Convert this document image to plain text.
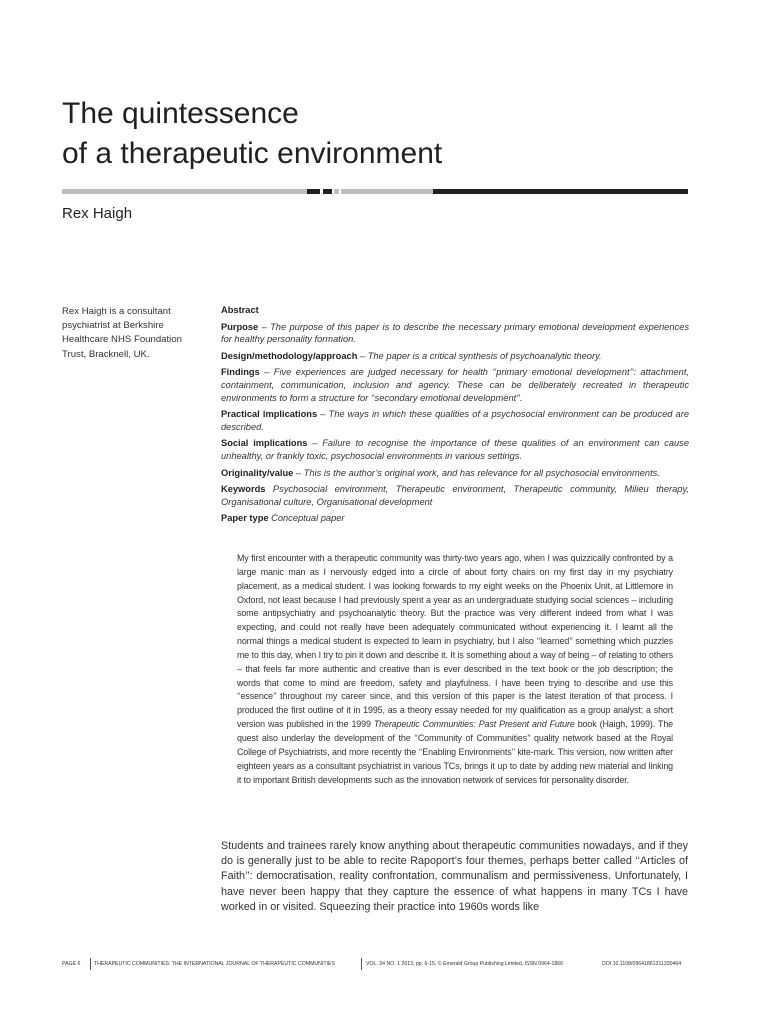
The quintessence
of a therapeutic environment
Rex Haigh
Rex Haigh is a consultant psychiatrist at Berkshire Healthcare NHS Foundation Trust, Bracknell, UK.
Abstract
Purpose – The purpose of this paper is to describe the necessary primary emotional development experiences for healthy personality formation.
Design/methodology/approach – The paper is a critical synthesis of psychoanalytic theory.
Findings – Five experiences are judged necessary for health ‘‘primary emotional development’’: attachment, containment, communication, inclusion and agency. These can be deliberately recreated in therapeutic environments to form a structure for ‘‘secondary emotional development’’.
Practical implications – The ways in which these qualities of a psychosocial environment can be produced are described.
Social implications – Failure to recognise the importance of these qualities of an environment can cause unhealthy, or frankly toxic, psychosocial environments in various settings.
Originality/value – This is the author’s original work, and has relevance for all psychosocial environments.
Keywords Psychosocial environment, Therapeutic environment, Therapeutic community, Milieu therapy, Organisational culture, Organisational development
Paper type Conceptual paper

My first encounter with a therapeutic community was thirty-two years ago, when I was quizzically confronted by a large manic man as I nervously edged into a circle of about forty chairs on my first day in my psychiatry placement, as a medical student. I was looking forwards to my eight weeks on the Phoenix Unit, at Littlemore in Oxford, not least because I had previously spent a year as an undergraduate studying social sciences – including some antipsychiatry and psychoanalytic theory. But the practice was very different indeed from what I was expecting, and could not really have been adequately communicated without experiencing it. I learnt all the normal things a medical student is expected to learn in psychiatry, but I also ‘‘learned’’ something which puzzles me to this day, when I try to pin it down and describe it. It is something about a way of being – of relating to others – that feels far more authentic and creative than is ever described in the text book or the job description; the words that come to mind are freedom, safety and playfulness. I have been trying to describe and use this ‘‘essence’’ throughout my career since, and this version of this paper is the latest iteration of that process. I produced the first outline of it in 1995, as a theory essay needed for my qualification as a group analyst; a short version was published in the 1999 Therapeutic Communities: Past Present and Future book (Haigh, 1999). The quest also underlay the development of the ‘‘Community of Communities’’ quality network based at the Royal College of Psychiatrists, and more recently the ‘‘Enabling Environments’’ kite-mark. This version, now written after eighteen years as a consultant psychiatrist in various TCs, brings it up to date by adding new material and linking it to important British developments such as the innovation network of services for personality disorder.

Students and trainees rarely know anything about therapeutic communities nowadays, and if they do is generally just to be able to recite Rapoport’s four themes, perhaps better called ‘‘Articles of Faith’’: democratisation, reality confrontation, communalism and permissiveness. Unfortunately, I have never been happy that they capture the essence of what happens in many TCs I have worked in or visited. Squeezing their practice into 1960s words like

PAGE 6	THERAPEUTIC COMMUNITIES: THE INTERNATIONAL JOURNAL OF THERAPEUTIC COMMUNITIES	VOL. 34 NO. 1 2013, pp. 6-15, © Emerald Group Publishing Limited, ISSN 0964-1866	DOI 10.1108/09641861311330464
